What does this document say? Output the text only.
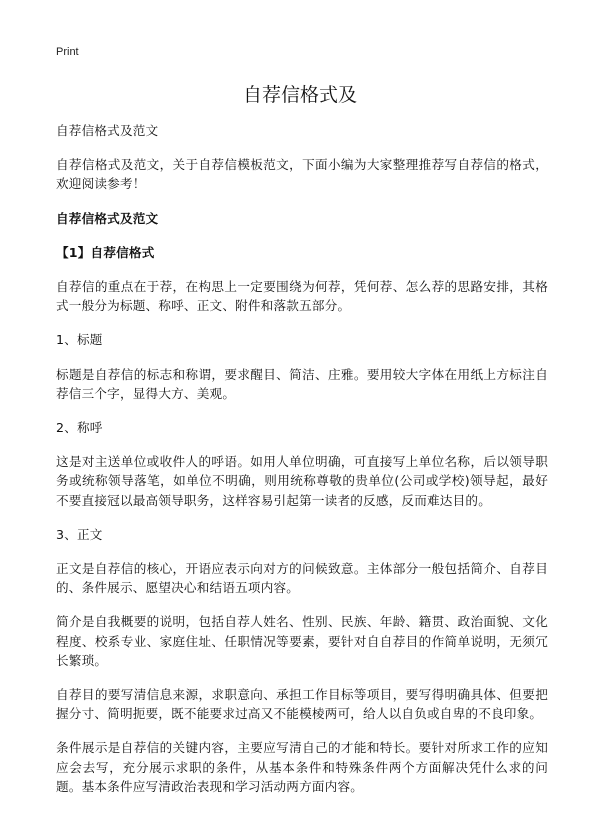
Print
自荐信格式及

自荐信格式及范文

自荐信格式及范文，关于自荐信模板范文，下面小编为大家整理推荐写自荐信的格式，欢迎阅读参考！

自荐信格式及范文

【1】自荐信格式

自荐信的重点在于荐，在构思上一定要围绕为何荐，凭何荐、怎么荐的思路安排，其格式一般分为标题、称呼、正文、附件和落款五部分。

1、标题

标题是自荐信的标志和称谓，要求醒目、简洁、庄雅。要用较大字体在用纸上方标注自荐信三个字，显得大方、美观。

2、称呼

这是对主送单位或收件人的呼语。如用人单位明确，可直接写上单位名称，后以领导职务或统称领导落笔，如单位不明确，则用统称尊敬的贵单位(公司或学校)领导起，最好不要直接冠以最高领导职务，这样容易引起第一读者的反感，反而难达目的。

3、正文

正文是自荐信的核心，开语应表示向对方的问候致意。主体部分一般包括简介、自荐目的、条件展示、愿望决心和结语五项内容。

简介是自我概要的说明，包括自荐人姓名、性别、民族、年龄、籍贯、政治面貌、文化程度、校系专业、家庭住址、任职情况等要素，要针对自自荐目的作简单说明，无须冗长繁琐。

自荐目的要写清信息来源，求职意向、承担工作目标等项目，要写得明确具体、但要把握分寸、简明扼要，既不能要求过高又不能模棱两可，给人以自负或自卑的不良印象。

条件展示是自荐信的关键内容，主要应写清自己的才能和特长。要针对所求工作的应知应会去写，充分展示求职的条件，从基本条件和特殊条件两个方面解决凭什么求的问题。基本条件应写清政治表现和学习活动两方面内容。
